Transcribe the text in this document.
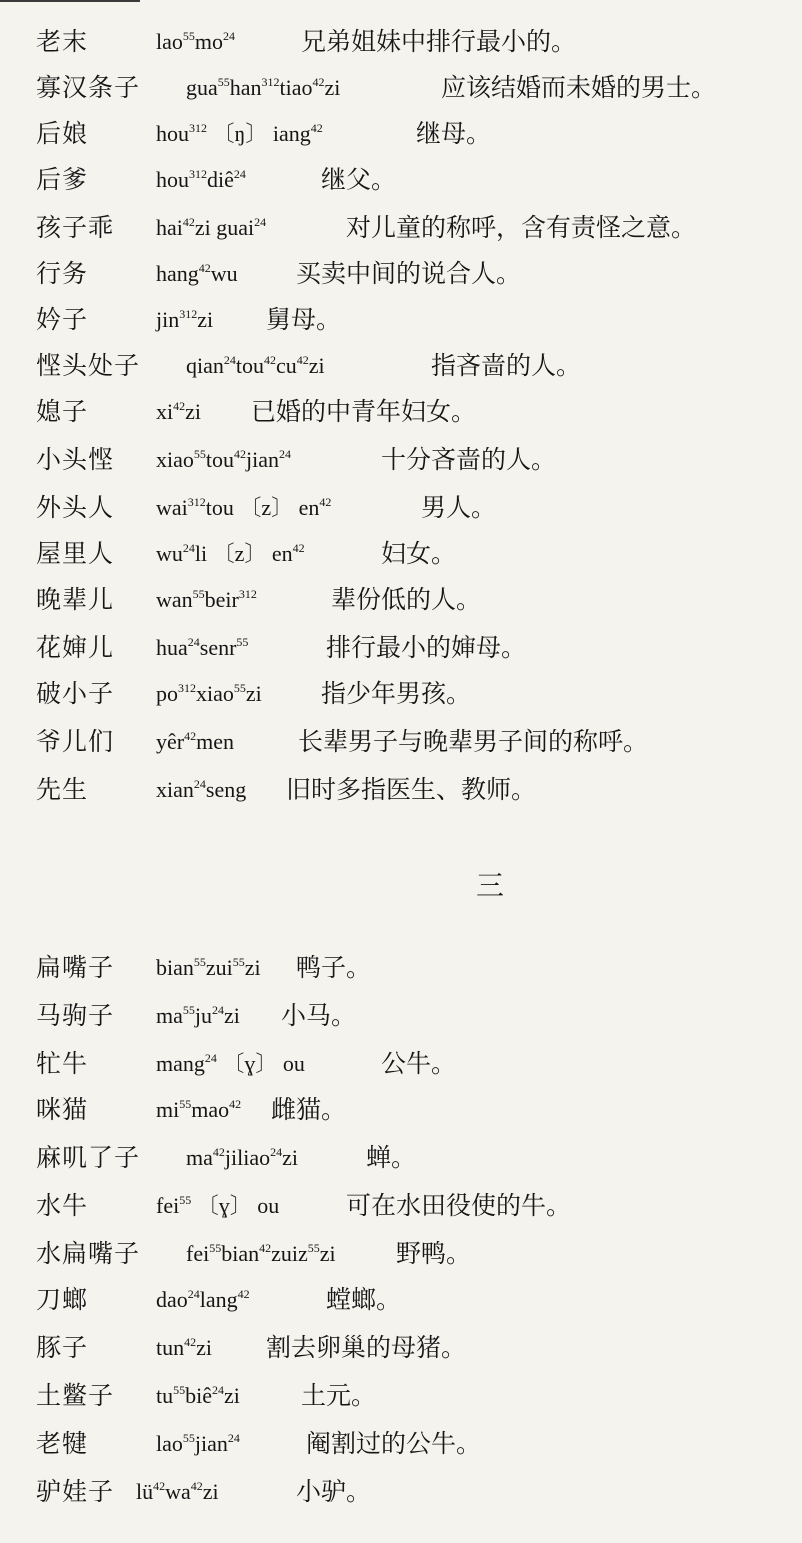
老末	$lao^{55}mo^{24}$	兄弟姐妹中排行最小的。
寡汉条子 gua$^{55}$han$^{312}$tiao$^{42}$zi	应该结婚而未婚的男士。
后娘	hou$^{312}$ 〔ŋ〕 iang$^{42}$	继母。
后爹	hou$^{312}$diê$^{24}$	继父。
孩子乖 hai$^{42}$zi guai$^{24}$	对儿童的称呼，含有责怪之意。
行务	hang$^{42}$wu 买卖中间的说合人。
妗子	jin$^{312}$zi 舅母。
悭头处子 $qian^{24}tou^{42}cu^{42}zi$	指吝啬的人。
媳子	$xi^{42}zi$ 已婚的中青年妇女。
小头悭 xiao$^{55}$tou$^{42}$jian$^{24}$	十分吝啬的人。
外头人 wai$^{312}$tou 〔z〕 $en^{42}$	男人。
屋里人 $wu^{24}li$ 〔z〕 $en^{42}$	妇女。
晚辈儿 wan$^{55}$beir$^{312}$	辈份低的人。
花婶儿 hua$^{24}$senr$^{55}$	排行最小的婶母。
破小子 $po^{312}xiao^{55}zi$ 指少年男孩。
爷儿们 yêr$^{42}$men	长辈男子与晚辈男子间的称呼。
先生	xian$^{24}$seng 旧时多指医生、教师。
扁嘴子 bian$^{55}$zui$^{55}$zi 鸭子。
马驹子 $ma^{55}ju^{24}zi$ 小马。
牤牛	mang$^{24}$ 〔ɣ〕 ou	公牛。
咪猫	$mi^{55}mao^{42}$ 雌猫。
麻叽了子 $ma^{42}jiliao^{24}zi$	蝉。
水牛	fei$^{55}$ 〔ɣ〕 ou	可在水田役使的牛。
水扁嘴子 fei$^{55}$bian$^{42}$zuiz$^{55}$zi 野鸭。
刀螂	dao$^{24}$lang$^{42}$	螳螂。
豚子	tun$^{42}$zi 割去卵巢的母猪。
土鳖子 $tu^{55}biê^{24}zi$ 土元。
老犍	lao$^{55}$jian$^{24}$	阉割过的公牛。
驴娃子 $lü^{42}wa^{42}zi$	小驴。
三
